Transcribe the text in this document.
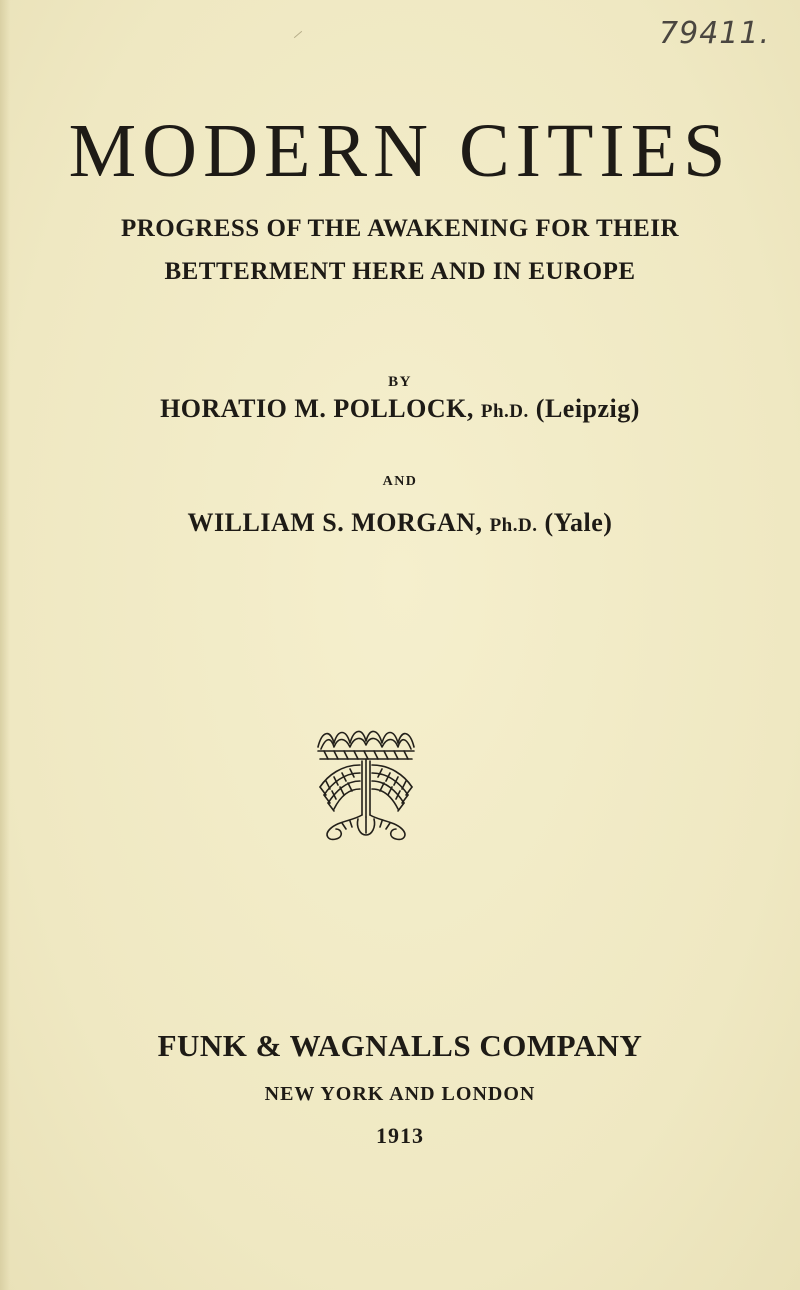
79411.
MODERN CITIES
PROGRESS OF THE AWAKENING FOR THEIR
BETTERMENT HERE AND IN EUROPE
BY
HORATIO M. POLLOCK, Ph.D. (Leipzig)
AND
WILLIAM S. MORGAN, Ph.D. (Yale)
FUNK & WAGNALLS COMPANY
NEW YORK AND LONDON
1913
